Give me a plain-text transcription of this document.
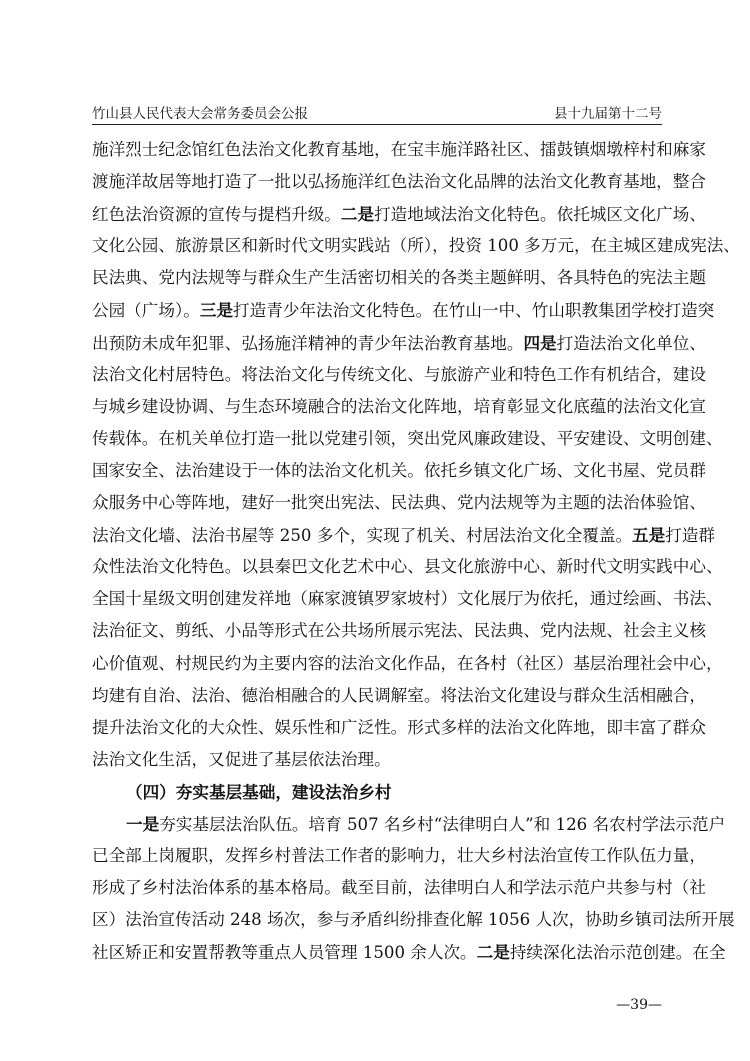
竹山县人民代表大会常务委员会公报	县十九届第十二号
施洋烈士纪念馆红色法治文化教育基地，在宝丰施洋路社区、擂鼓镇烟墩梓村和麻家
渡施洋故居等地打造了一批以弘扬施洋红色法治文化品牌的法治文化教育基地，整合
红色法治资源的宣传与提档升级。二是打造地域法治文化特色。依托城区文化广场、
文化公园、旅游景区和新时代文明实践站（所），投资 100 多万元，在主城区建成宪法、
民法典、党内法规等与群众生产生活密切相关的各类主题鲜明、各具特色的宪法主题
公园（广场）。三是打造青少年法治文化特色。在竹山一中、竹山职教集团学校打造突
出预防未成年犯罪、弘扬施洋精神的青少年法治教育基地。四是打造法治文化单位、
法治文化村居特色。将法治文化与传统文化、与旅游产业和特色工作有机结合，建设
与城乡建设协调、与生态环境融合的法治文化阵地，培育彰显文化底蕴的法治文化宣
传载体。在机关单位打造一批以党建引领，突出党风廉政建设、平安建设、文明创建、
国家安全、法治建设于一体的法治文化机关。依托乡镇文化广场、文化书屋、党员群
众服务中心等阵地，建好一批突出宪法、民法典、党内法规等为主题的法治体验馆、
法治文化墙、法治书屋等 250 多个，实现了机关、村居法治文化全覆盖。五是打造群
众性法治文化特色。以县秦巴文化艺术中心、县文化旅游中心、新时代文明实践中心、
全国十星级文明创建发祥地（麻家渡镇罗家坡村）文化展厅为依托，通过绘画、书法、
法治征文、剪纸、小品等形式在公共场所展示宪法、民法典、党内法规、社会主义核
心价值观、村规民约为主要内容的法治文化作品，在各村（社区）基层治理社会中心，
均建有自治、法治、德治相融合的人民调解室。将法治文化建设与群众生活相融合，
提升法治文化的大众性、娱乐性和广泛性。形式多样的法治文化阵地，即丰富了群众
法治文化生活，又促进了基层依法治理。
（四）夯实基层基础，建设法治乡村
一是夯实基层法治队伍。培育 507 名乡村“法律明白人”和 126 名农村学法示范户
已全部上岗履职，发挥乡村普法工作者的影响力，壮大乡村法治宣传工作队伍力量，
形成了乡村法治体系的基本格局。截至目前，法律明白人和学法示范户共参与村（社
区）法治宣传活动 248 场次，参与矛盾纠纷排查化解 1056 人次，协助乡镇司法所开展
社区矫正和安置帮教等重点人员管理 1500 余人次。二是持续深化法治示范创建。在全
—39—
